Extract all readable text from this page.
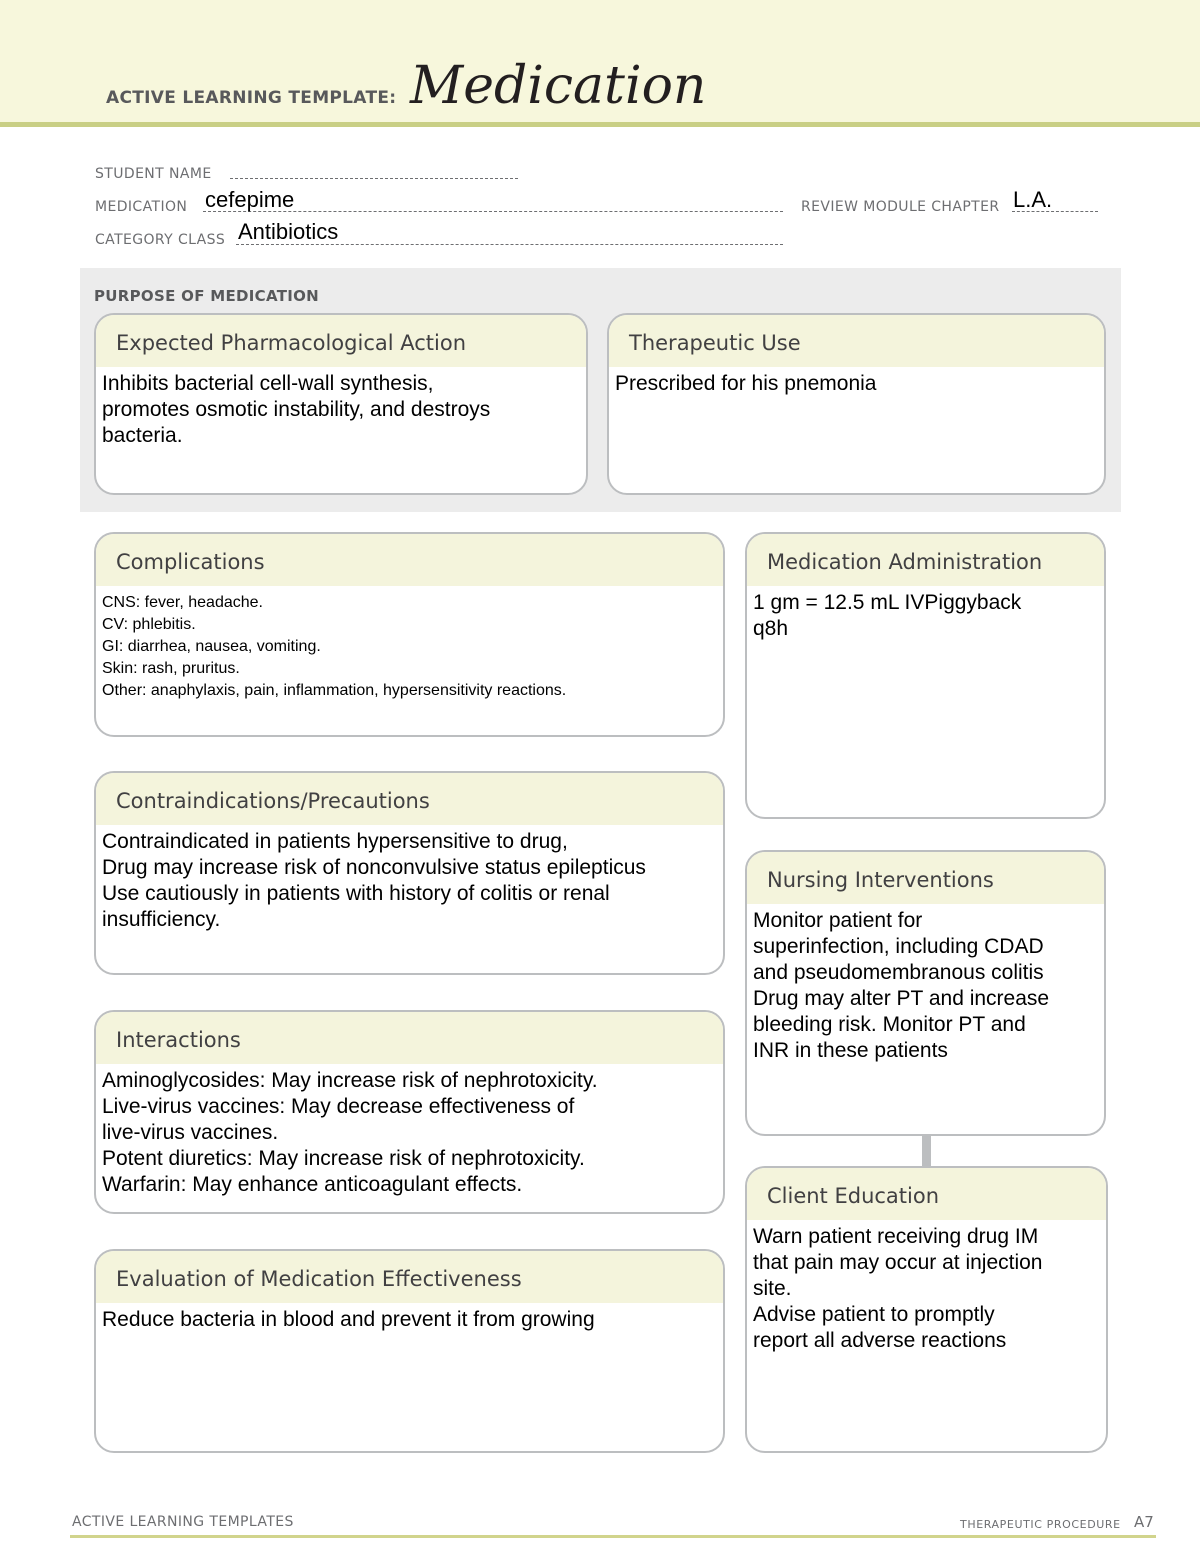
ACTIVE LEARNING TEMPLATE: Medication
STUDENT NAME
MEDICATION cefepime	REVIEW MODULE CHAPTER L.A.
CATEGORY CLASS Antibiotics
PURPOSE OF MEDICATION
Expected Pharmacological Action
Inhibits bacterial cell-wall synthesis,
promotes osmotic instability, and destroys
bacteria.
Therapeutic Use
Prescribed for his pnemonia
Complications
CNS: fever, headache.
CV: phlebitis.
GI: diarrhea, nausea, vomiting.
Skin: rash, pruritus.
Other: anaphylaxis, pain, inflammation, hypersensitivity reactions.
Contraindications/Precautions
Contraindicated in patients hypersensitive to drug,
Drug may increase risk of nonconvulsive status epilepticus
Use cautiously in patients with history of colitis or renal
insufficiency.
Interactions
Aminoglycosides: May increase risk of nephrotoxicity.
Live-virus vaccines: May decrease effectiveness of
live-virus vaccines.
Potent diuretics: May increase risk of nephrotoxicity.
Warfarin: May enhance anticoagulant effects.
Evaluation of Medication Effectiveness
Reduce bacteria in blood and prevent it from growing
Medication Administration
1 gm = 12.5 mL IVPiggyback
q8h
Nursing Interventions
Monitor patient for
superinfection, including CDAD
and pseudomembranous colitis
Drug may alter PT and increase
bleeding risk. Monitor PT and
INR in these patients
Client Education
Warn patient receiving drug IM
that pain may occur at injection
site.
Advise patient to promptly
report all adverse reactions
ACTIVE LEARNING TEMPLATES	THERAPEUTIC PROCEDURE A7
